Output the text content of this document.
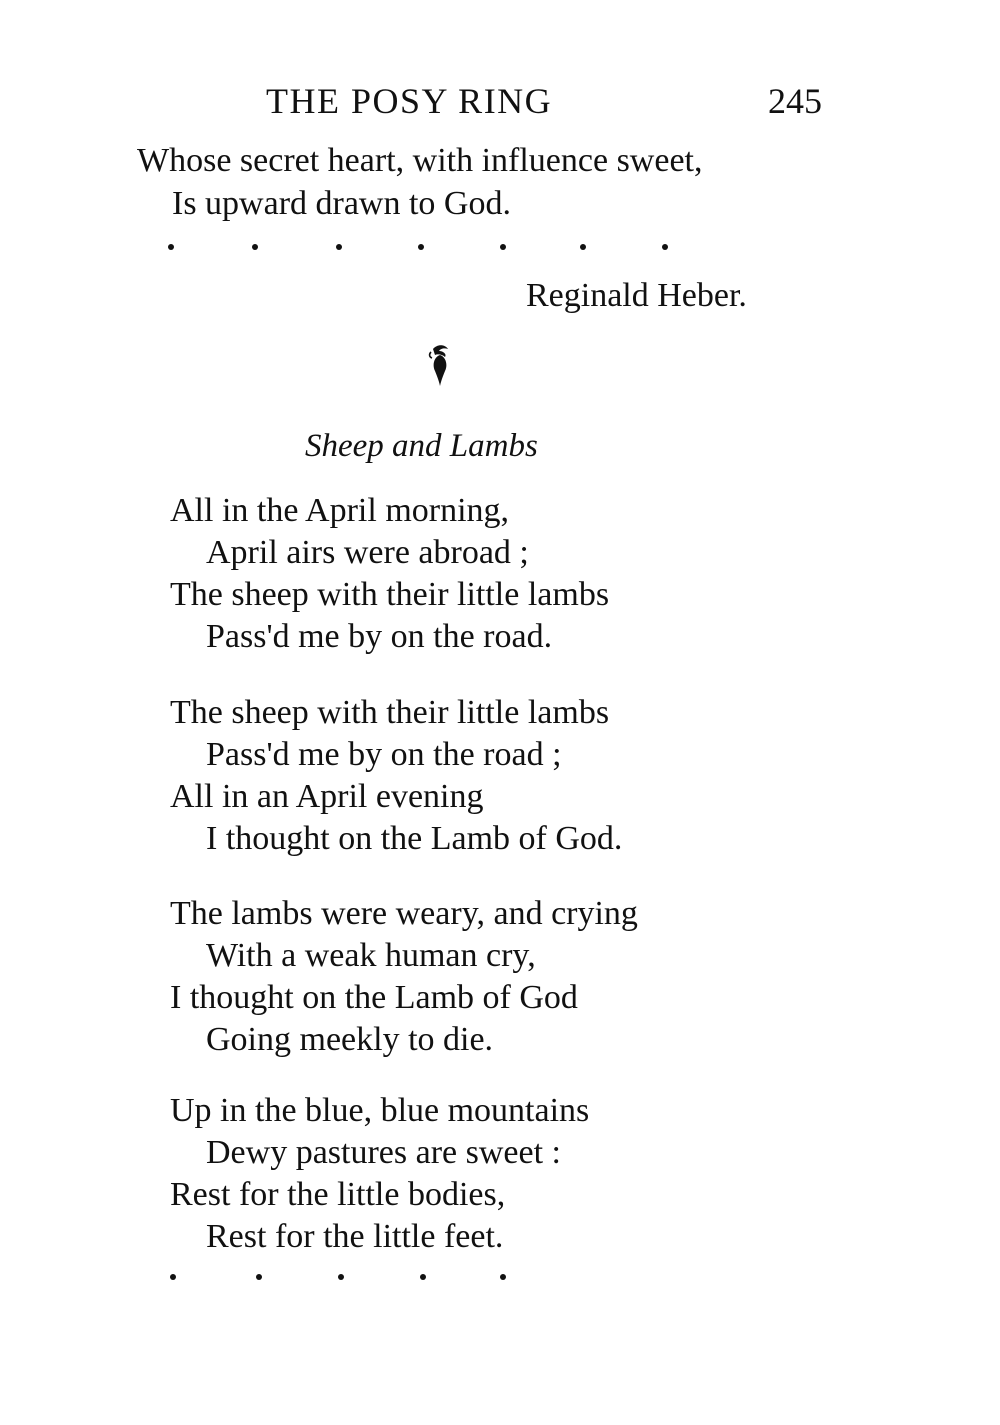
THE POSY RING	245
Whose secret heart, with influence sweet,
Is upward drawn to God.
Reginald Heber.
Sheep and Lambs
All in the April morning,
April airs were abroad ;
The sheep with their little lambs
Pass'd me by on the road.
The sheep with their little lambs
Pass'd me by on the road ;
All in an April evening
I thought on the Lamb of God.
The lambs were weary, and crying
With a weak human cry,
I thought on the Lamb of God
Going meekly to die.
Up in the blue, blue mountains
Dewy pastures are sweet :
Rest for the little bodies,
Rest for the little feet.
